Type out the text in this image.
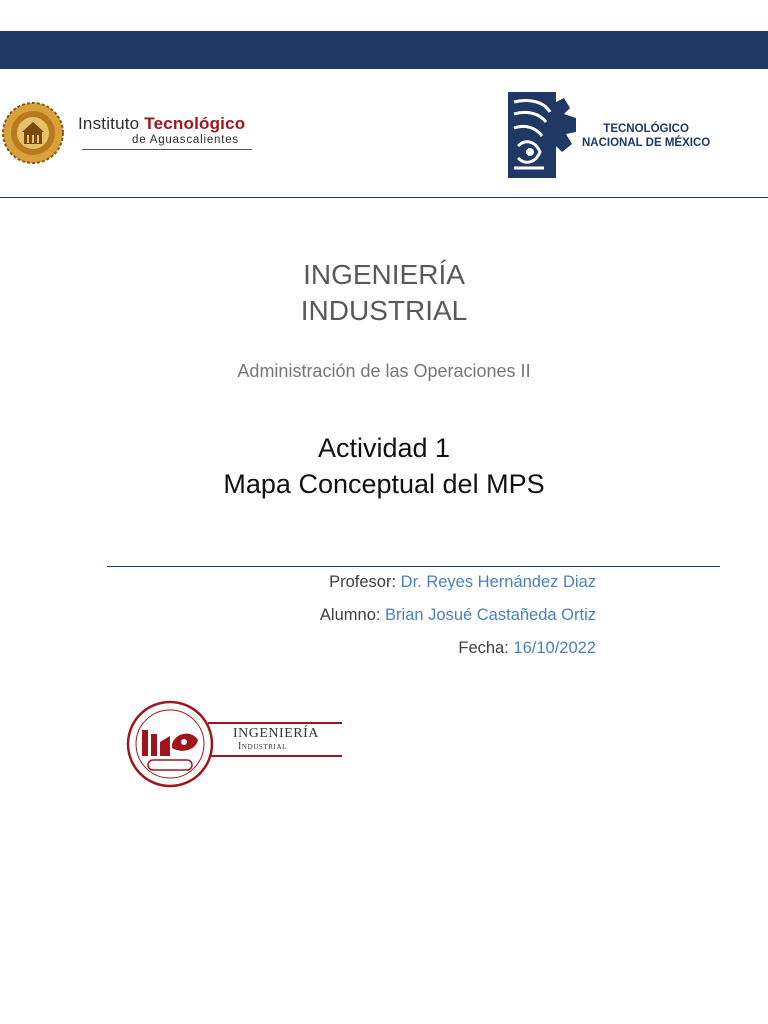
Instituto Tecnológico
de Aguascalientes
TECNOLÓGICO
NACIONAL DE MÉXICO
INGENIERÍA
INDUSTRIAL
Administración de las Operaciones II
Actividad 1
Mapa Conceptual del MPS
Profesor: Dr. Reyes Hernández Diaz
Alumno: Brian Josué Castañeda Ortiz
Fecha: 16/10/2022
INGENIERÍA
Industrial
